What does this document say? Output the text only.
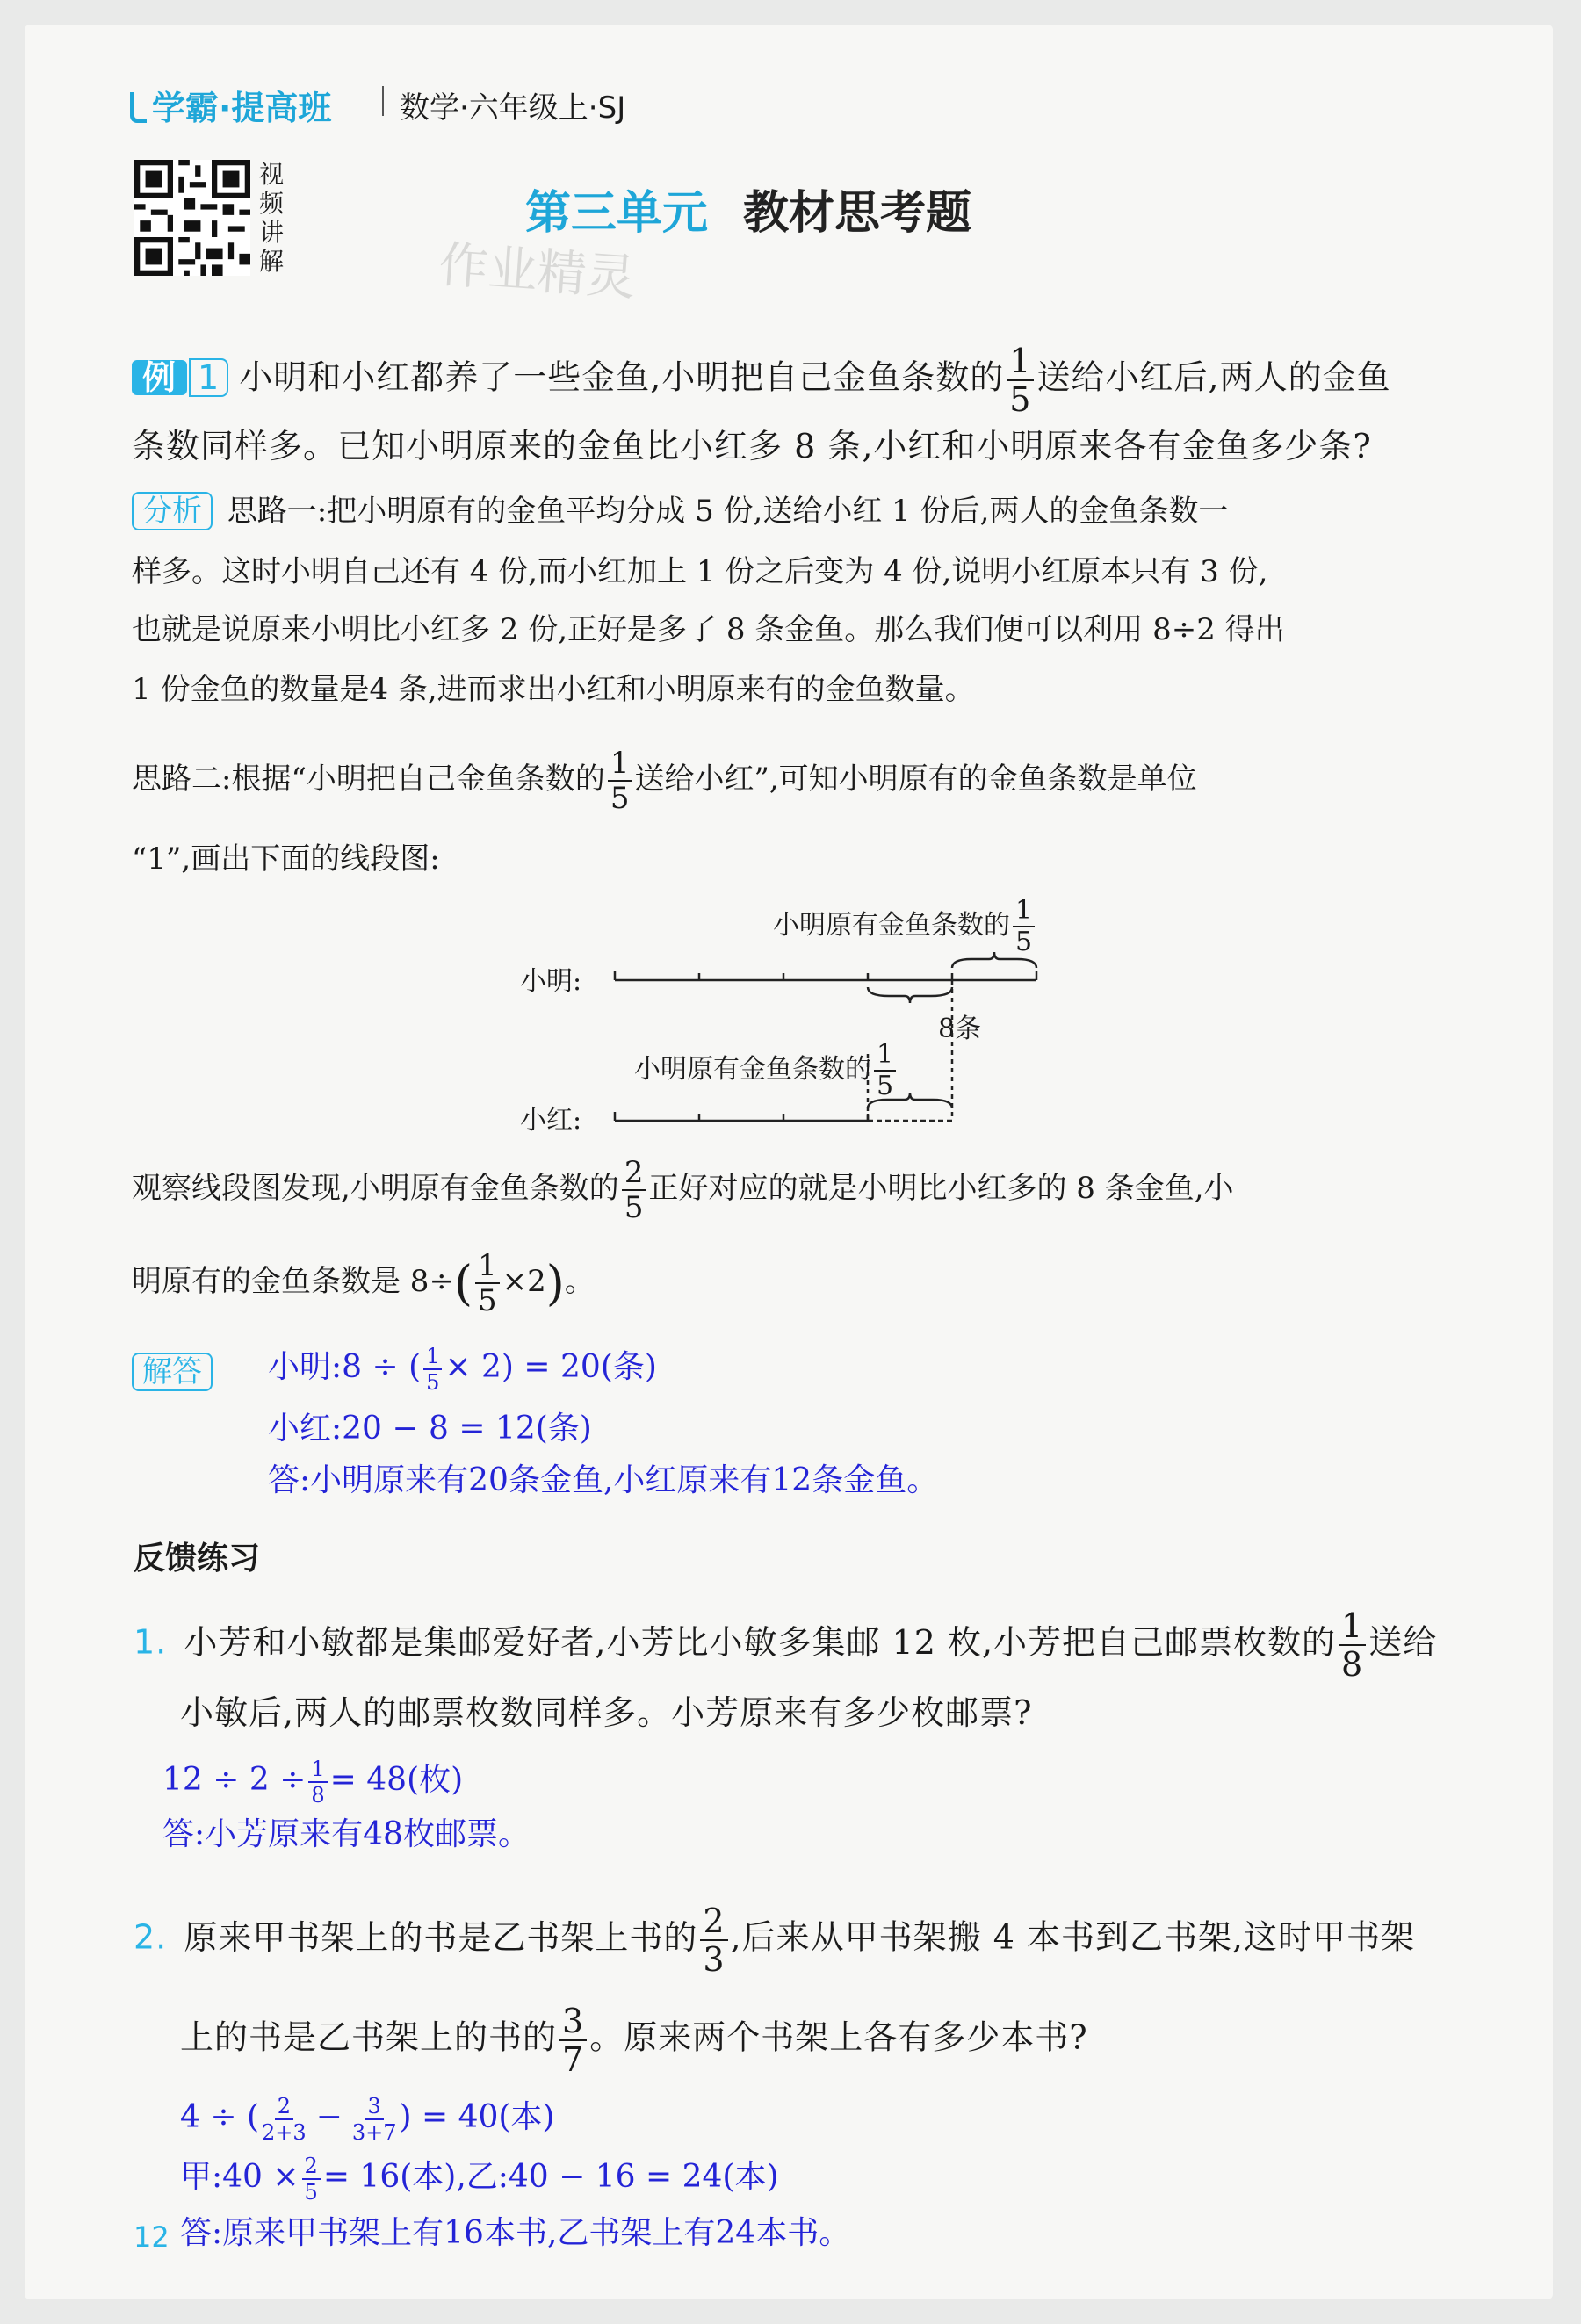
学霸·提高班 数学·六年级上·SJ
视频讲解
第三单元 教材思考题
作业精灵
例 1 小明和小红都养了一些金鱼,小明把自己金鱼条数的 $\frac{1}{5}$ 送给小红后,两人的金鱼
条数同样多。已知小明原来的金鱼比小红多 8 条,小红和小明原来各有金鱼多少条?
分析 思路一:把小明原有的金鱼平均分成 5 份,送给小红 1 份后,两人的金鱼条数一
样多。这时小明自己还有 4 份,而小红加上 1 份之后变为 4 份,说明小红原本只有 3 份,
也就是说原来小明比小红多 2 份,正好是多了 8 条金鱼。那么我们便可以利用 8÷2 得出
1 份金鱼的数量是4 条,进而求出小红和小明原来有的金鱼数量。
思路二:根据“小明把自己金鱼条数的 $\frac{1}{5}$ 送给小红”,可知小明原有的金鱼条数是单位
“1”,画出下面的线段图:
小明:
小红:
小明原有金鱼条数的 $\frac{1}{5}$
8条
小明原有金鱼条数的 $\frac{1}{5}$
观察线段图发现,小明原有金鱼条数的 $\frac{2}{5}$ 正好对应的就是小明比小红多的 8 条金鱼,小
明原有的金鱼条数是 $8\div( \frac{1}{5} \times 2)$。
解答	小明:8 ÷ ( $\frac{1}{5} \times 2) = 20$(条)
小红:20 − 8 = 12(条)
答:小明原来有20条金鱼,小红原来有12条金鱼。
反馈练习
1. 小芳和小敏都是集邮爱好者,小芳比小敏多集邮 12 枚,小芳把自己邮票枚数的 $\frac{1}{8}$ 送给
小敏后,两人的邮票枚数同样多。小芳原来有多少枚邮票?
$12 \div 2 \div \frac{1}{8} = 48$(枚)
答:小芳原来有48枚邮票。
2. 原来甲书架上的书是乙书架上书的 $\frac{2}{3}$ ,后来从甲书架搬 4 本书到乙书架,这时甲书架
上的书是乙书架上的书的 $\frac{3}{7}$ 。原来两个书架上各有多少本书?
4 ÷ ( $\frac{2}{2+3} - \frac{3}{3+7}$ ) = 40(本)
甲:40 × $\frac{2}{5} = 16$(本),乙:40 − 16 = 24(本)
答:原来甲书架上有16本书,乙书架上有24本书。
12
